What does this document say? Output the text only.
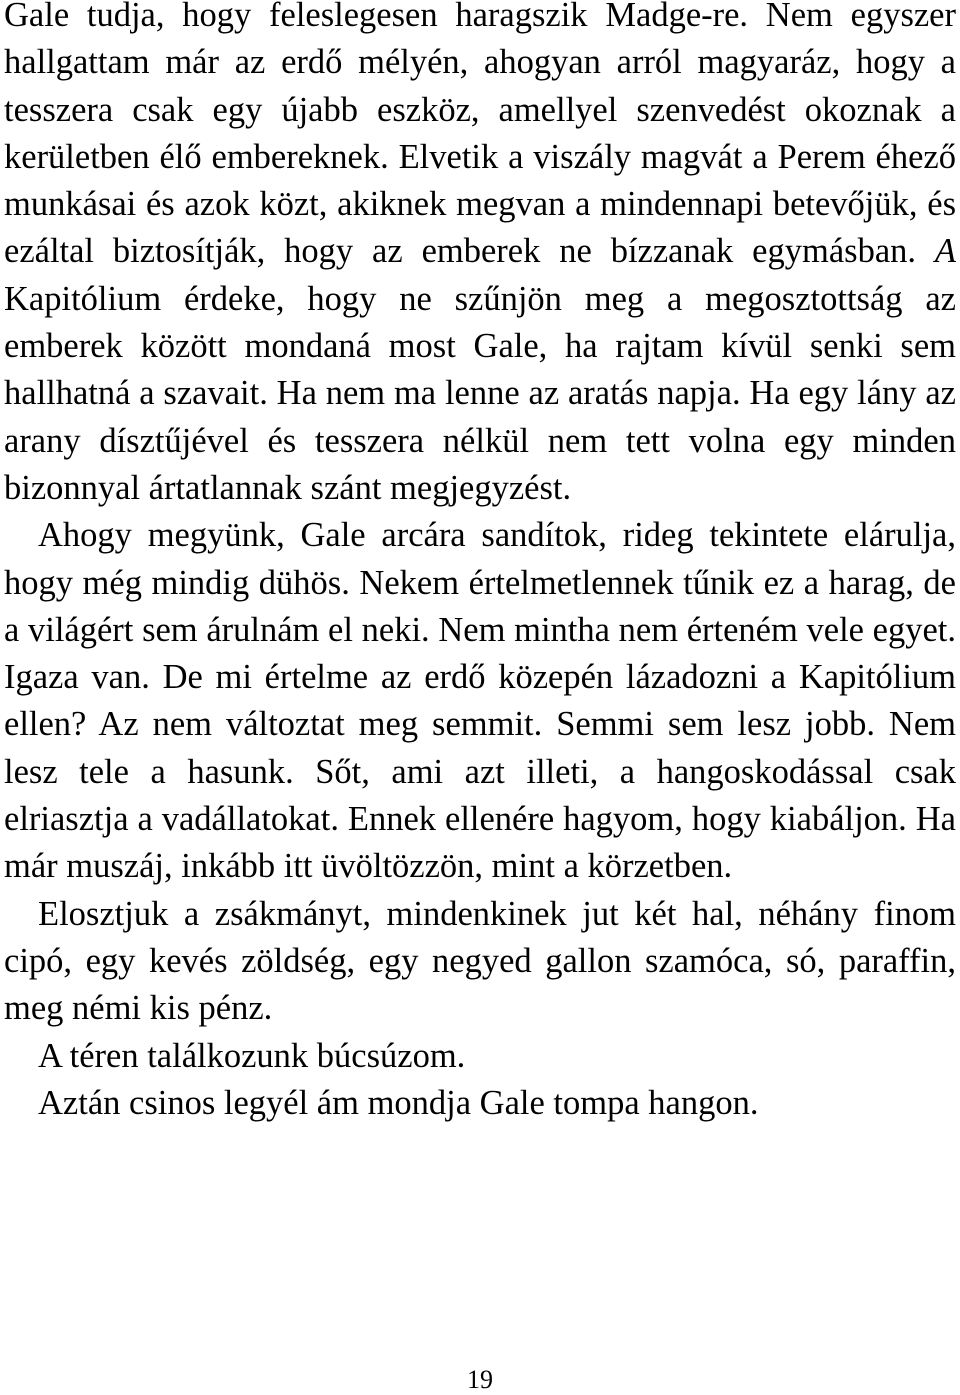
Gale tudja, hogy feleslegesen haragszik Madge-re. Nem egyszer hallgattam már az erdő mélyén, ahogyan arról magyaráz, hogy a tesszera csak egy újabb eszköz, amellyel szenvedést okoznak a kerületben élő embereknek. Elvetik a viszály magvát a Perem éhező munkásai és azok közt, akiknek megvan a mindennapi betevőjük, és ezáltal biztosítják, hogy az emberek ne bízzanak egymásban. A Kapitólium érdeke, hogy ne szűnjön meg a megosztottság az emberek között mondaná most Gale, ha rajtam kívül senki sem hallhatná a szavait. Ha nem ma lenne az aratás napja. Ha egy lány az arany dísztűjével és tesszera nélkül nem tett volna egy minden bizonnyal ártatlannak szánt megjegyzést.

Ahogy megyünk, Gale arcára sandítok, rideg tekintete elárulja, hogy még mindig dühös. Nekem értelmetlennek tűnik ez a harag, de a világért sem árulnám el neki. Nem mintha nem érteném vele egyet. Igaza van. De mi értelme az erdő közepén lázadozni a Kapitólium ellen? Az nem változtat meg semmit. Semmi sem lesz jobb. Nem lesz tele a hasunk. Sőt, ami azt illeti, a hangoskodással csak elriasztja a vadállatokat. Ennek ellenére hagyom, hogy kiabáljon. Ha már muszáj, inkább itt üvöltözzön, mint a körzetben.

Elosztjuk a zsákmányt, mindenkinek jut két hal, néhány finom cipó, egy kevés zöldség, egy negyed gallon szamóca, só, paraffin, meg némi kis pénz.

A téren találkozunk búcsúzom.

Aztán csinos legyél ám mondja Gale tompa hangon.

19
